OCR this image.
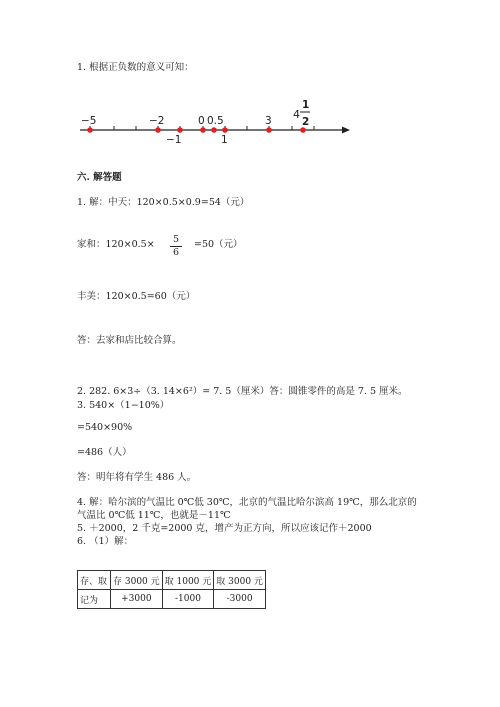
1. 根据正负数的意义可知：
−5	−2	0 0.5	3
−1	1
4
1
2
六. 解答题
1. 解：中天：120×0.5×0.9=54（元）
家和：120×0.5×	5
6
=50（元）
丰美：120×0.5=60（元）
答：去家和店比较合算。
2. 282. 6×3÷（3. 14×6²）= 7. 5（厘米）答：圆锥零件的高是 7. 5 厘米。
3. 540×（1−10%）
=540×90%
=486（人）
答：明年将有学生 486 人。
4. 解：哈尔滨的气温比 0℃低 30℃，北京的气温比哈尔滨高 19℃，那么北京的
气温比 0℃低 11℃，也就是－11℃
5. ＋2000，2 千克=2000 克，增产为正方向，所以应该记作＋2000
6. （1）解：
存、取	存 3000 元	取 1000 元	取 3000 元
记为	+3000	-1000	-3000
